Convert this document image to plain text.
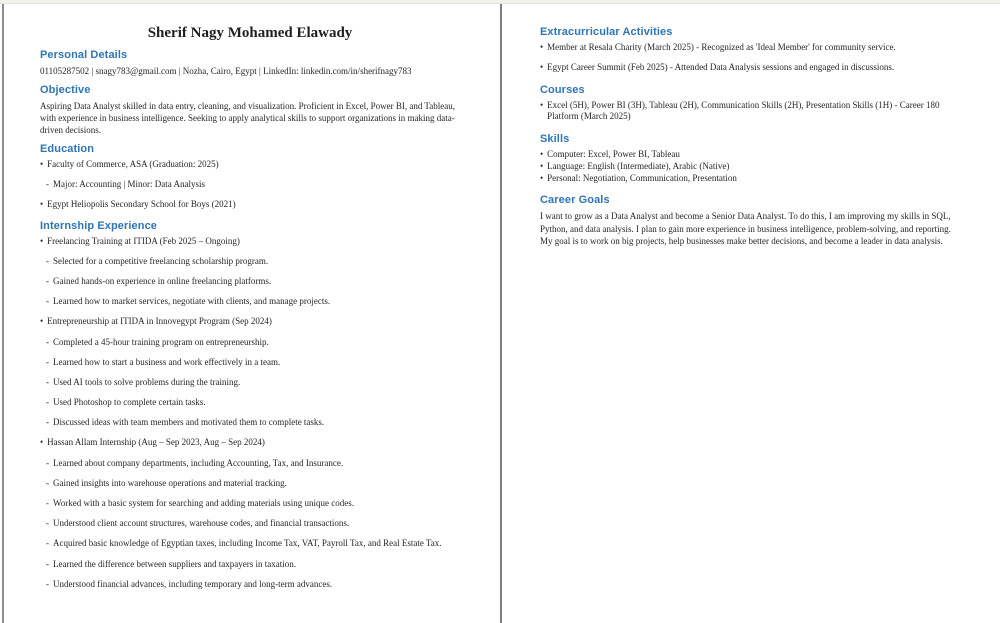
Sherif Nagy Mohamed Elawady
Personal Details

01105287502 | snagy783@gmail.com | Nozha, Cairo, Egypt | LinkedIn: linkedin.com/in/sherifnagy783

Objective

Aspiring Data Analyst skilled in data entry, cleaning, and visualization. Proficient in Excel, Power BI, and Tableau, with experience in business intelligence. Seeking to apply analytical skills to support organizations in making data-driven decisions.

Education
• Faculty of Commerce, ASA (Graduation: 2025)
- Major: Accounting | Minor: Data Analysis
• Egypt Heliopolis Secondary School for Boys (2021)
Internship Experience
• Freelancing Training at ITIDA (Feb 2025 – Ongoing)
- Selected for a competitive freelancing scholarship program.
- Gained hands-on experience in online freelancing platforms.
- Learned how to market services, negotiate with clients, and manage projects.
• Entrepreneurship at ITIDA in Innovegypt Program (Sep 2024)
- Completed a 45-hour training program on entrepreneurship.
- Learned how to start a business and work effectively in a team.
- Used AI tools to solve problems during the training.
- Used Photoshop to complete certain tasks.
- Discussed ideas with team members and motivated them to complete tasks.
• Hassan Allam Internship (Aug – Sep 2023, Aug – Sep 2024)
- Learned about company departments, including Accounting, Tax, and Insurance.
- Gained insights into warehouse operations and material tracking.
- Worked with a basic system for searching and adding materials using unique codes.
- Understood client account structures, warehouse codes, and financial transactions.
- Acquired basic knowledge of Egyptian taxes, including Income Tax, VAT, Payroll Tax, and Real Estate Tax.
- Learned the difference between suppliers and taxpayers in taxation.
- Understood financial advances, including temporary and long-term advances.
Extracurricular Activities
• Member at Resala Charity (March 2025) - Recognized as 'Ideal Member' for community service.
• Egypt Career Summit (Feb 2025) - Attended Data Analysis sessions and engaged in discussions.
Courses
• Excel (5H), Power BI (3H), Tableau (2H), Communication Skills (2H), Presentation Skills (1H) - Career 180 Platform (March 2025)
Skills
• Computer: Excel, Power BI, Tableau
• Language: English (Intermediate), Arabic (Native)
• Personal: Negotiation, Communication, Presentation
Career Goals

I want to grow as a Data Analyst and become a Senior Data Analyst. To do this, I am improving my skills in SQL, Python, and data analysis. I plan to gain more experience in business intelligence, problem-solving, and reporting. My goal is to work on big projects, help businesses make better decisions, and become a leader in data analysis.
